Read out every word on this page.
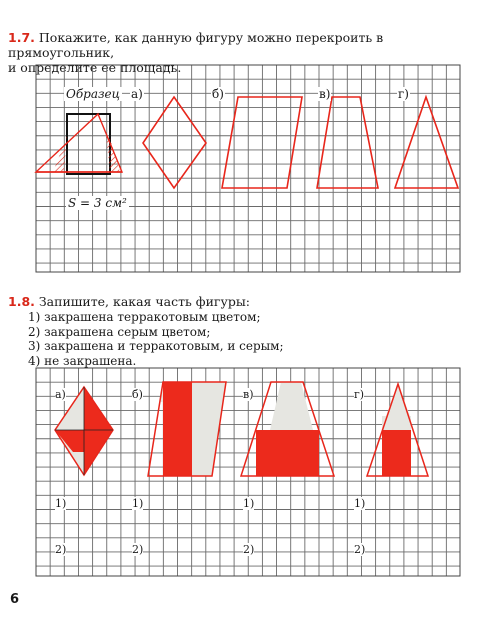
1.7. Покажите, как данную фигуру можно перекроить в прямоугольник,
и определите ее площадь.
Образец а)	б)	в)	г)
S = 3 см²
1.8. Запишите, какая часть фигуры:
1) закрашена терракотовым цветом;
2) закрашена серым цветом;
3) закрашена и терракотовым, и серым;
4) не закрашена.
а)	б)	в)	г)
1)	1)	1)	1)
2)	2)	2)	2)
6
